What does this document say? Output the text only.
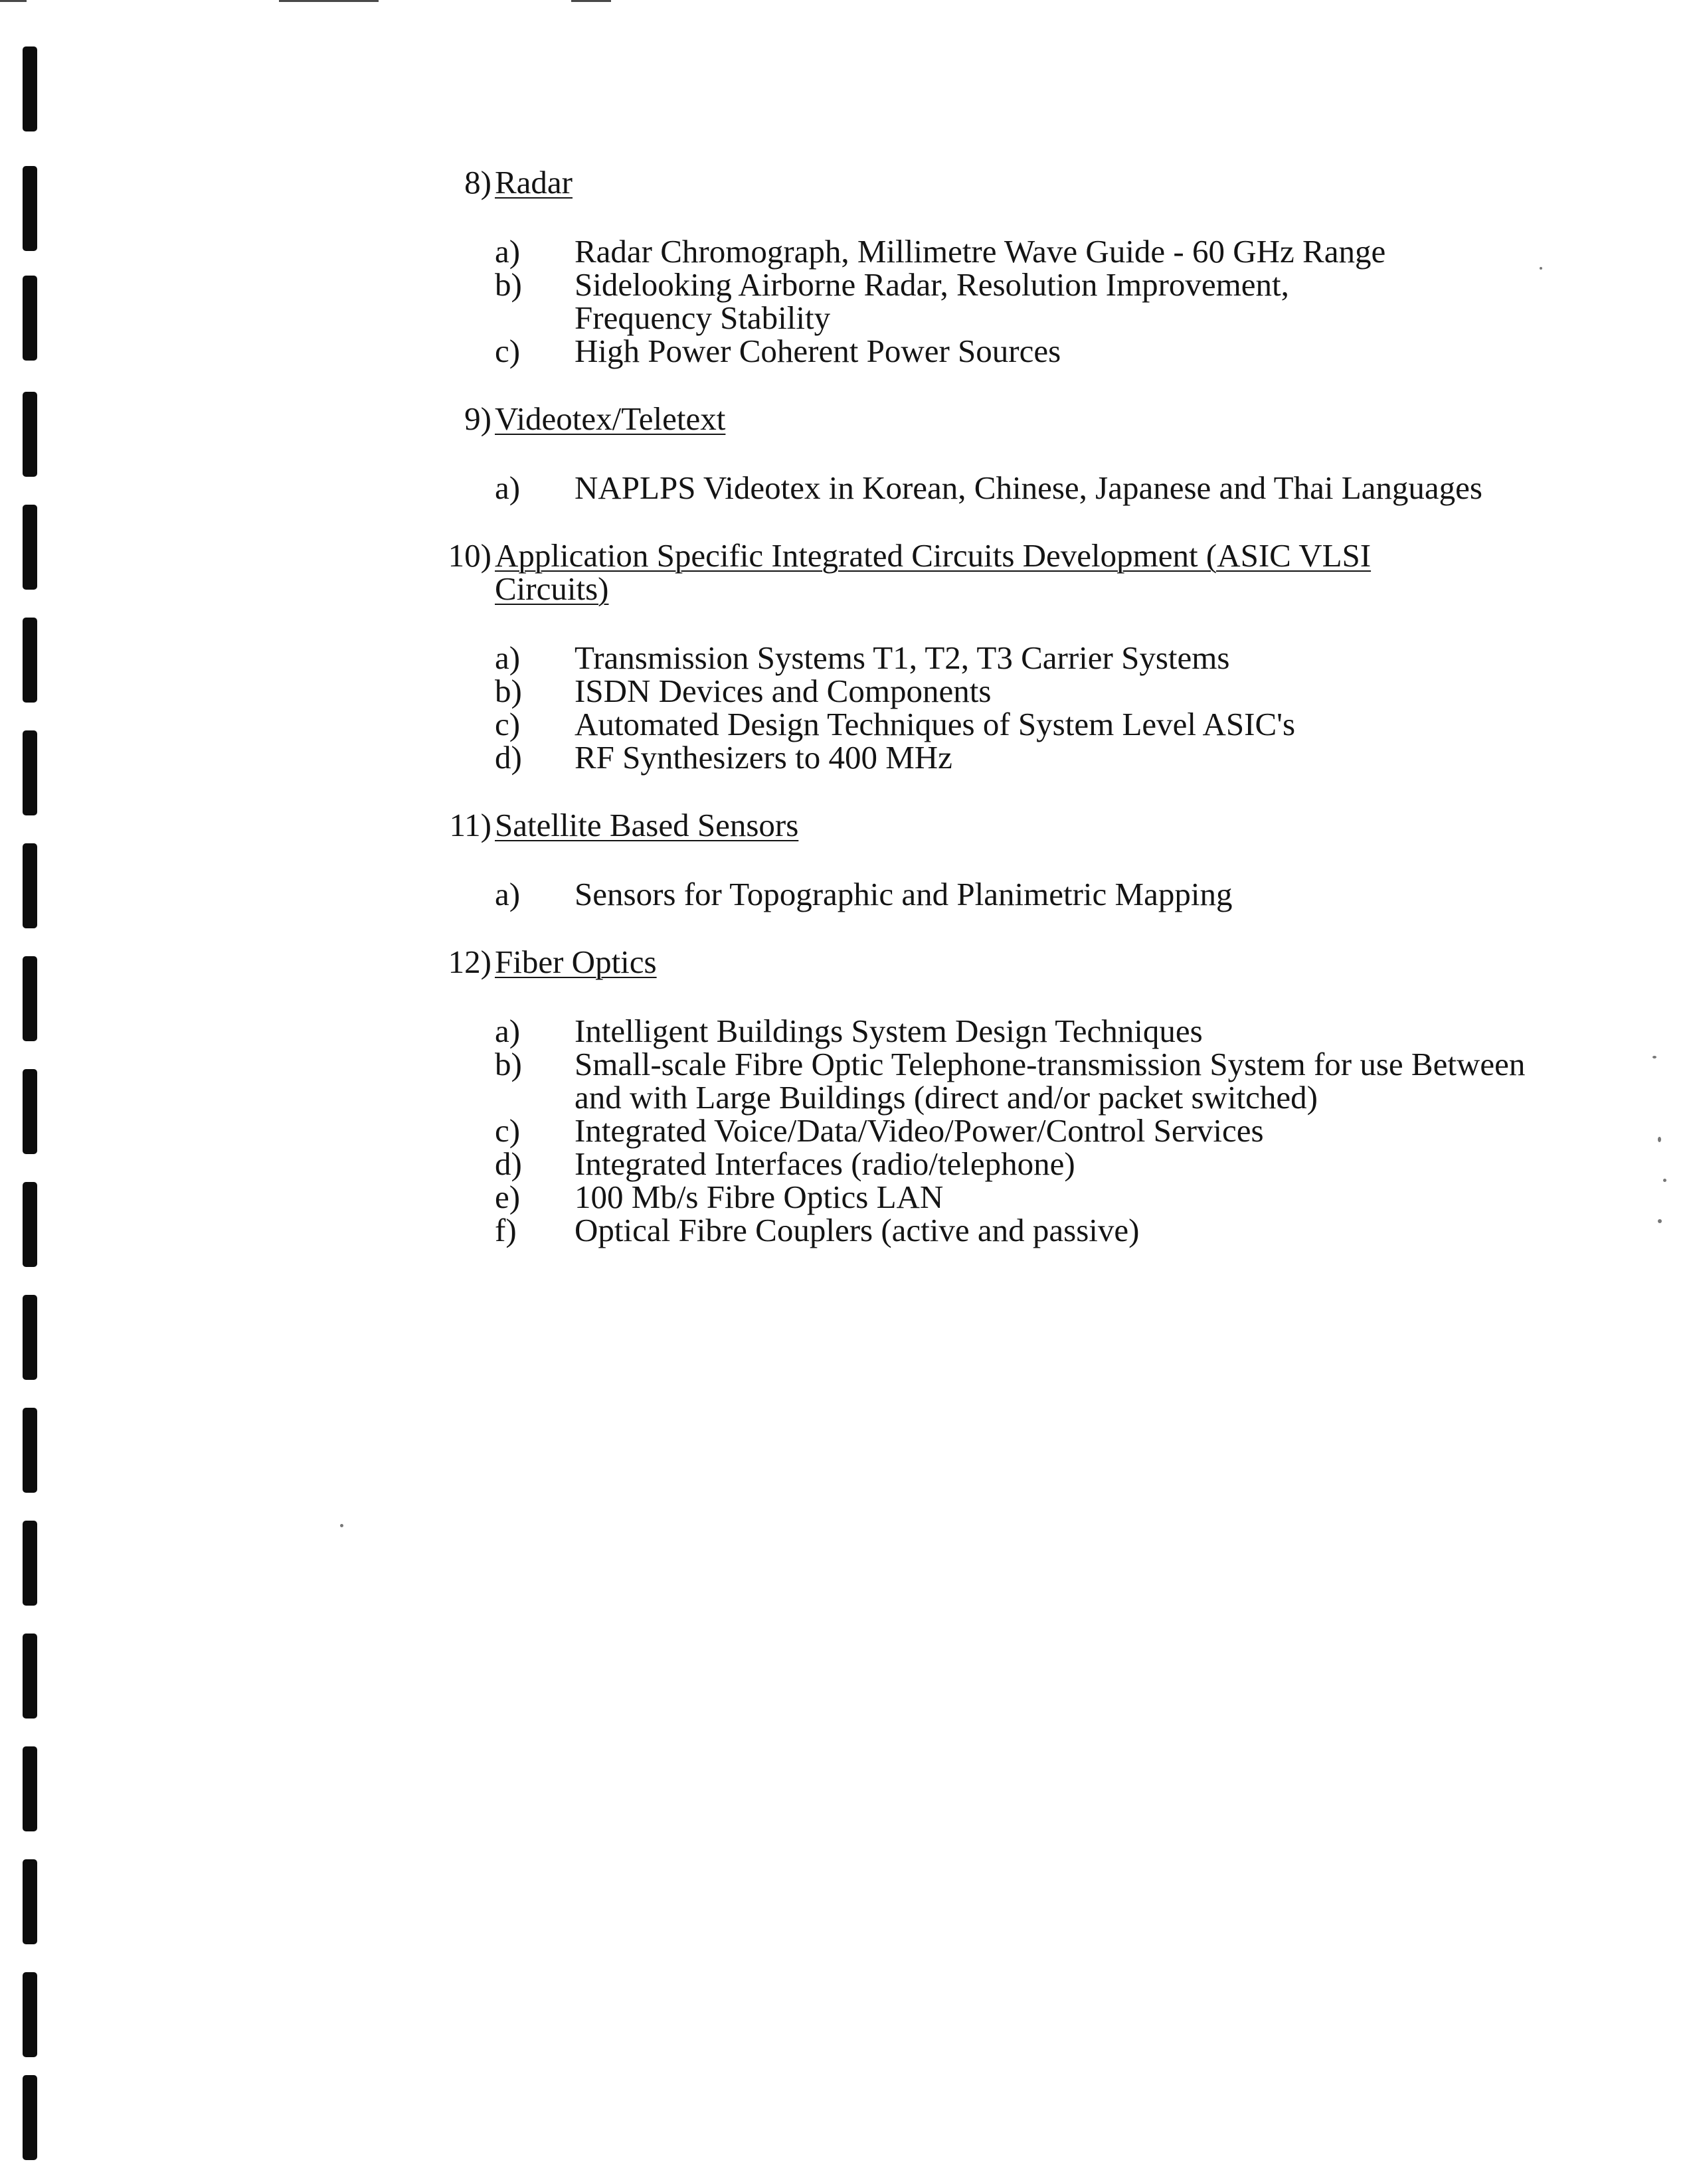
8) Radar
a)	Radar Chromograph, Millimetre Wave Guide - 60 GHz Range
b)	Sidelooking Airborne Radar, Resolution Improvement, Frequency Stability
c)	High Power Coherent Power Sources
9) Videotex/Teletext
a)	NAPLPS Videotex in Korean, Chinese, Japanese and Thai Languages
10) Application Specific Integrated Circuits Development (ASIC VLSI Circuits)
a)	Transmission Systems T1, T2, T3 Carrier Systems
b)	ISDN Devices and Components
c)	Automated Design Techniques of System Level ASIC's
d)	RF Synthesizers to 400 MHz
11) Satellite Based Sensors
a)	Sensors for Topographic and Planimetric Mapping
12) Fiber Optics
a)	Intelligent Buildings System Design Techniques
b)	Small-scale Fibre Optic Telephone-transmission System for use Between and with Large Buildings (direct and/or packet switched)
c)	Integrated Voice/Data/Video/Power/Control Services
d)	Integrated Interfaces (radio/telephone)
e)	100 Mb/s Fibre Optics LAN
f)	Optical Fibre Couplers (active and passive)
